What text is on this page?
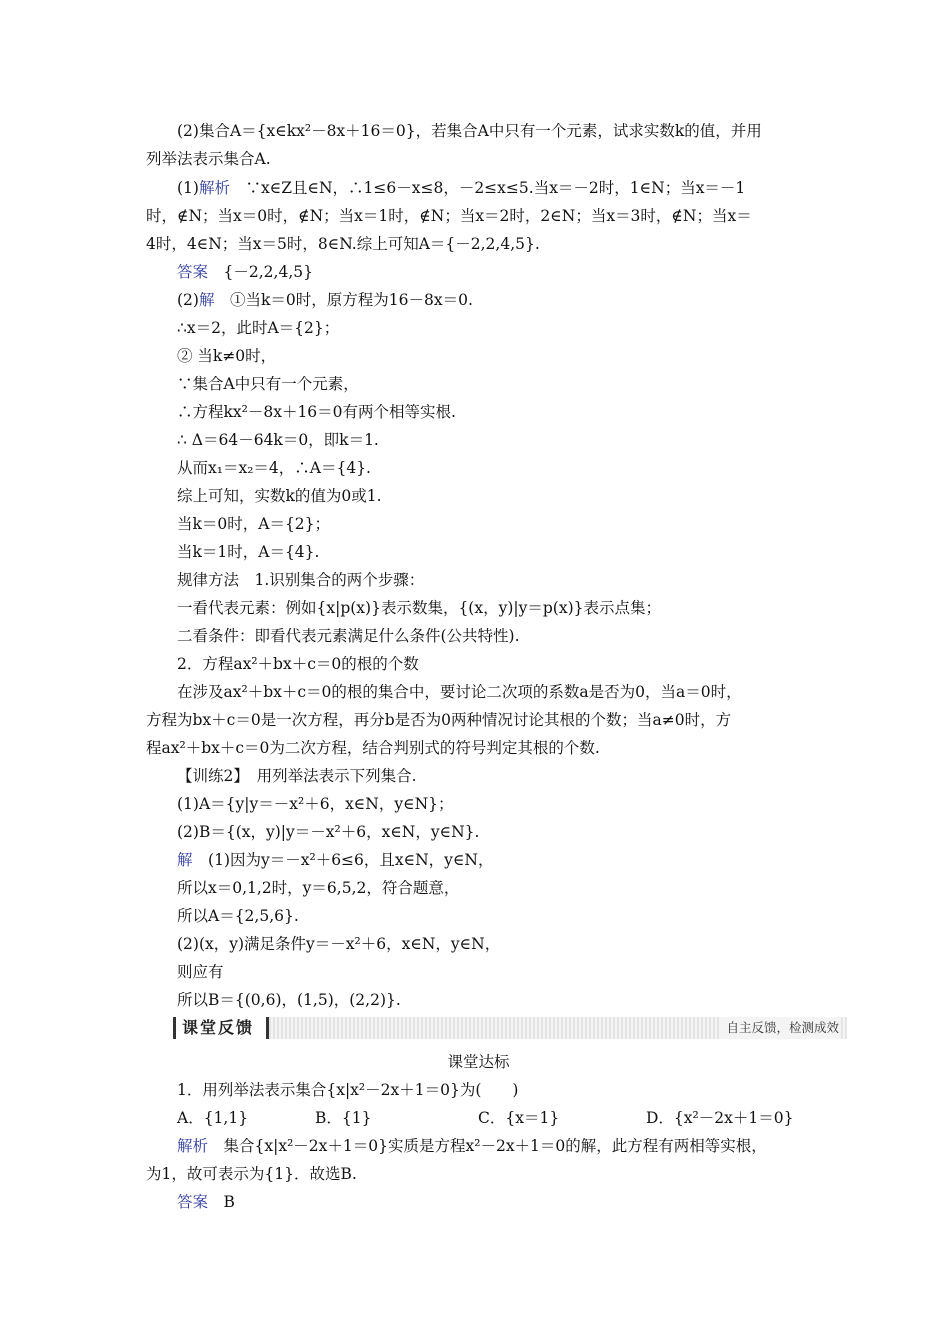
(2)集合A＝{x∈kx²－8x＋16＝0}，若集合A中只有一个元素，试求实数k的值，并用
列举法表示集合A.
(1)解析　 ∵x∈Z且∈N，∴1≤6－x≤8，－2≤x≤5.当x＝－2时，1∈N；当x＝－1
时，∉N；当x＝0时，∉N；当x＝1时，∉N；当x＝2时，2∈N；当x＝3时，∉N；当x＝
4时，4∈N；当x＝5时，8∈N.综上可知A＝{－2,2,4,5}.
答案　 {－2,2,4,5}
(2)解　 ①当k＝0时，原方程为16－8x＝0.
∴x＝2，此时A＝{2}；
② 当k≠0时，
∵集合A中只有一个元素，
∴方程kx²－8x＋16＝0有两个相等实根.
∴ Δ＝64－64k＝0，即k＝1.
从而x₁＝x₂＝4，∴A＝{4}.
综上可知，实数k的值为0或1.
当k＝0时，A＝{2}；
当k＝1时，A＝{4}.
规律方法　1.识别集合的两个步骤：
一看代表元素：例如{x|p(x)}表示数集，{(x，y)|y＝p(x)}表示点集；
二看条件：即看代表元素满足什么条件(公共特性).
2．方程ax²＋bx＋c＝0的根的个数
在涉及ax²＋bx＋c＝0的根的集合中，要讨论二次项的系数a是否为0，当a＝0时，
方程为bx＋c＝0是一次方程，再分b是否为0两种情况讨论其根的个数；当a≠0时，方
程ax²＋bx＋c＝0为二次方程，结合判别式的符号判定其根的个数.
【训练2】　用列举法表示下列集合.
(1)A＝{y|y＝－x²＋6，x∈N，y∈N}；
(2)B＝{(x，y)|y＝－x²＋6，x∈N，y∈N}.
解　 (1)因为y＝－x²＋6≤6，且x∈N，y∈N，
所以x＝0,1,2时，y＝6,5,2，符合题意，
所以A＝{2,5,6}.
(2)(x，y)满足条件y＝－x²＋6，x∈N，y∈N，
则应有
所以B＝{(0,6)，(1,5)，(2,2)}.
课堂反馈	自主反馈，检测成效
课堂达标
1．用列举法表示集合{x|x²－2x＋1＝0}为(　　)
A．{1,1}	B．{1}	C．{x＝1}	D．{x²－2x＋1＝0}
解析　 集合{x|x²－2x＋1＝0}实质是方程x²－2x＋1＝0的解，此方程有两相等实根，
为1，故可表示为{1}．故选B.
答案　 B
